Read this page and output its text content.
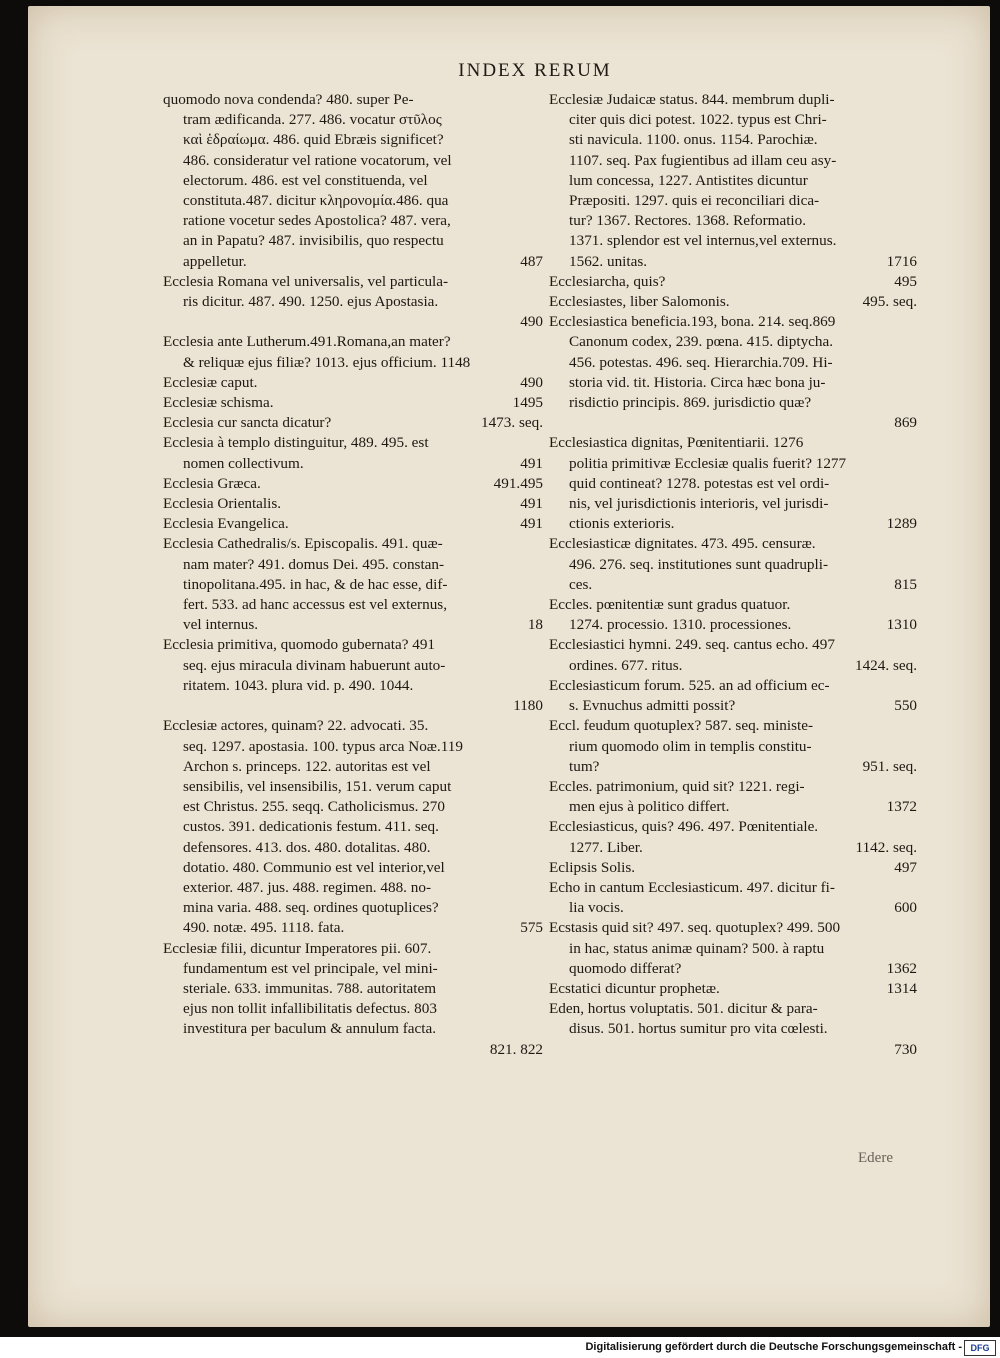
INDEX RERUM
quomodo nova condenda? 480. super Pe-
tram ædificanda. 277. 486. vocatur στῦλος
καὶ ἑδραίωμα. 486. quid Ebræis significet?
486. consideratur vel ratione vocatorum, vel
electorum. 486. est vel constituenda, vel
constituta.487. dicitur κληρονομία.486. qua
ratione vocetur sedes Apostolica? 487. vera,
an in Papatu? 487. invisibilis, quo respectu
appelletur.	487
Ecclesia Romana vel universalis, vel particula-
ris dicitur. 487. 490. 1250. ejus Apostasia.
490
Ecclesia ante Lutherum.491.Romana,an mater?
& reliquæ ejus filiæ? 1013. ejus officium. 1148
Ecclesiæ caput.	490
Ecclesiæ schisma.	1495
Ecclesia cur sancta dicatur?	1473. seq.
Ecclesia à templo distinguitur, 489. 495. est
nomen collectivum.	491
Ecclesia Græca.	491.495
Ecclesia Orientalis.	491
Ecclesia Evangelica.	491
Ecclesia Cathedralis/s. Episcopalis. 491. quæ-
nam mater? 491. domus Dei. 495. constan-
tinopolitana.495. in hac, & de hac esse, dif-
fert. 533. ad hanc accessus est vel externus,
vel internus.	18
Ecclesia primitiva, quomodo gubernata? 491
seq. ejus miracula divinam habuerunt auto-
ritatem. 1043. plura vid. p. 490. 1044.
1180
Ecclesiæ actores, quinam? 22. advocati. 35.
seq. 1297. apostasia. 100. typus arca Noæ.119
Archon s. princeps. 122. autoritas est vel
sensibilis, vel insensibilis, 151. verum caput
est Christus. 255. seqq. Catholicismus. 270
custos. 391. dedicationis festum. 411. seq.
defensores. 413. dos. 480. dotalitas. 480.
dotatio. 480. Communio est vel interior,vel
exterior. 487. jus. 488. regimen. 488. no-
mina varia. 488. seq. ordines quotuplices?
490. notæ. 495. 1118. fata.	575
Ecclesiæ filii, dicuntur Imperatores pii. 607.
fundamentum est vel principale, vel mini-
steriale. 633. immunitas. 788. autoritatem
ejus non tollit infallibilitatis defectus. 803
investitura per baculum & annulum facta.
821. 822
Ecclesiæ Judaicæ status. 844. membrum dupli-
citer quis dici potest. 1022. typus est Chri-
sti navicula. 1100. onus. 1154. Parochiæ.
1107. seq. Pax fugientibus ad illam ceu asy-
lum concessa, 1227. Antistites dicuntur
Præpositi. 1297. quis ei reconciliari dica-
tur? 1367. Rectores. 1368. Reformatio.
1371. splendor est vel internus,vel externus.
1562. unitas.	1716
Ecclesiarcha, quis?	495
Ecclesiastes, liber Salomonis.	495. seq.
Ecclesiastica beneficia.193, bona. 214. seq.869
Canonum codex, 239. pœna. 415. diptycha.
456. potestas. 496. seq. Hierarchia.709. Hi-
storia vid. tit. Historia. Circa hæc bona ju-
risdictio principis. 869. jurisdictio quæ?
869
Ecclesiastica dignitas, Pœnitentiarii. 1276
politia primitivæ Ecclesiæ qualis fuerit? 1277
quid contineat? 1278. potestas est vel ordi-
nis, vel jurisdictionis interioris, vel jurisdi-
ctionis exterioris.	1289
Ecclesiasticæ dignitates. 473. 495. censuræ.
496. 276. seq. institutiones sunt quadrupli-
ces.	815
Eccles. pœnitentiæ sunt gradus quatuor.
1274. processio. 1310. processiones.	1310
Ecclesiastici hymni. 249. seq. cantus echo. 497
ordines. 677. ritus.	1424. seq.
Ecclesiasticum forum. 525. an ad officium ec-
s. Evnuchus admitti possit?	550
Eccl. feudum quotuplex? 587. seq. ministe-
rium quomodo olim in templis constitu-
tum?	951. seq.
Eccles. patrimonium, quid sit? 1221. regi-
men ejus à politico differt.	1372
Ecclesiasticus, quis? 496. 497. Pœnitentiale.
1277. Liber.	1142. seq.
Eclipsis Solis.	497
Echo in cantum Ecclesiasticum. 497. dicitur fi-
lia vocis.	600
Ecstasis quid sit? 497. seq. quotuplex? 499. 500
in hac, status animæ quinam? 500. à raptu
quomodo differat?	1362
Ecstatici dicuntur prophetæ.	1314
Eden, hortus voluptatis. 501. dicitur & para-
disus. 501. hortus sumitur pro vita cœlesti.
730
Edere
Digitalisierung gefördert durch die Deutsche Forschungsgemeinschaft - DFG
